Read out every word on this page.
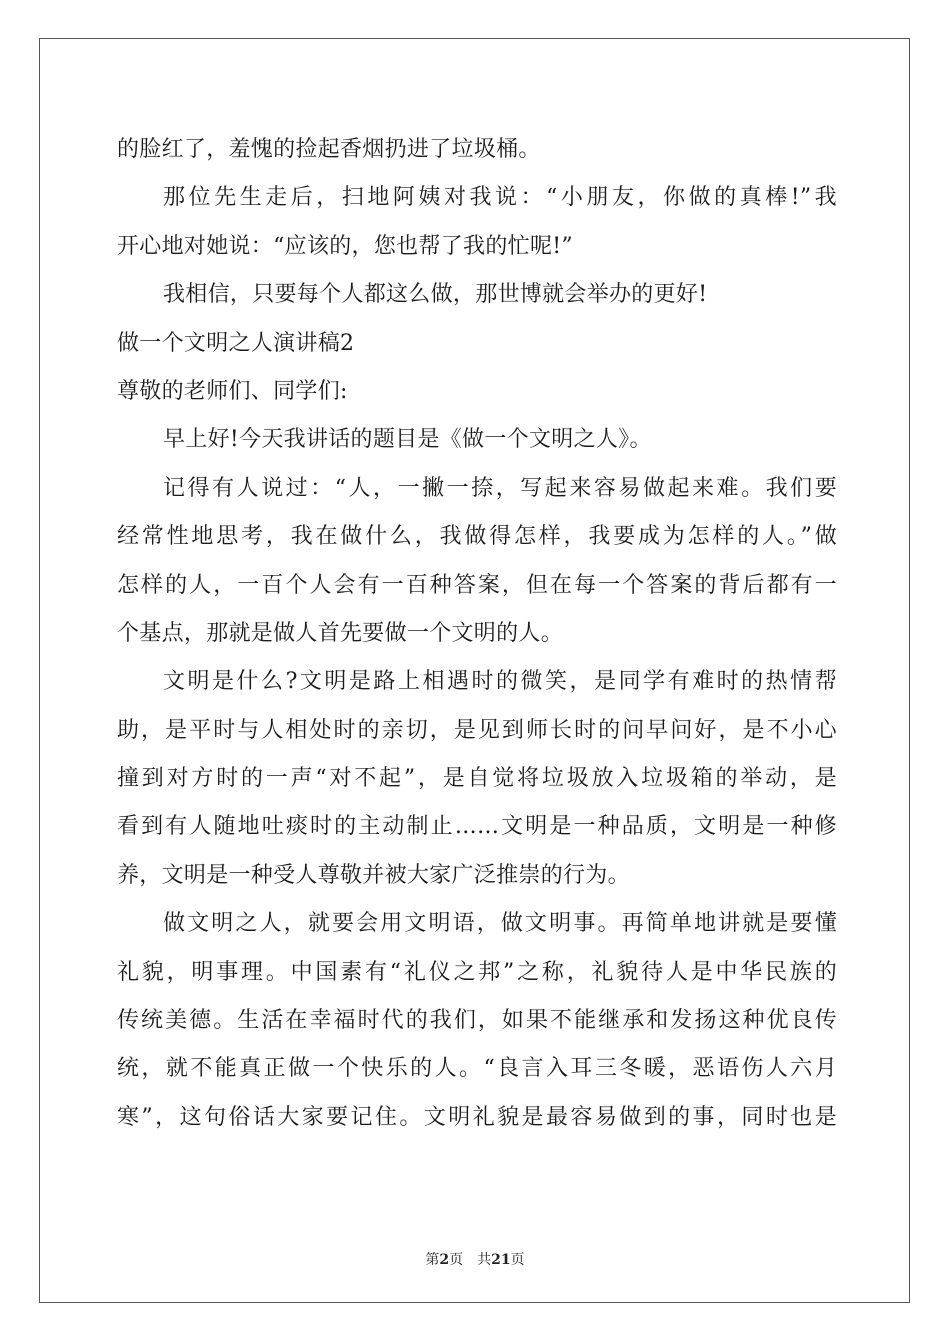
的脸红了，羞愧的捡起香烟扔进了垃圾桶。
那位先生走后，扫地阿姨对我说：“小朋友，你做的真棒!”我
开心地对她说：“应该的，您也帮了我的忙呢!”
我相信，只要每个人都这么做，那世博就会举办的更好!
做一个文明之人演讲稿2
尊敬的老师们、同学们:
早上好!今天我讲话的题目是《做一个文明之人》。
记得有人说过：“人，一撇一捺，写起来容易做起来难。我们要
经常性地思考，我在做什么，我做得怎样，我要成为怎样的人。”做
怎样的人，一百个人会有一百种答案，但在每一个答案的背后都有一
个基点，那就是做人首先要做一个文明的人。
文明是什么?文明是路上相遇时的微笑，是同学有难时的热情帮
助，是平时与人相处时的亲切，是见到师长时的问早问好，是不小心
撞到对方时的一声“对不起”，是自觉将垃圾放入垃圾箱的举动，是
看到有人随地吐痰时的主动制止……文明是一种品质，文明是一种修
养，文明是一种受人尊敬并被大家广泛推崇的行为。
做文明之人，就要会用文明语，做文明事。再简单地讲就是要懂
礼貌，明事理。中国素有“礼仪之邦”之称，礼貌待人是中华民族的
传统美德。生活在幸福时代的我们，如果不能继承和发扬这种优良传
统，就不能真正做一个快乐的人。“良言入耳三冬暖，恶语伤人六月
寒”，这句俗话大家要记住。文明礼貌是最容易做到的事，同时也是
第2页　共21页
